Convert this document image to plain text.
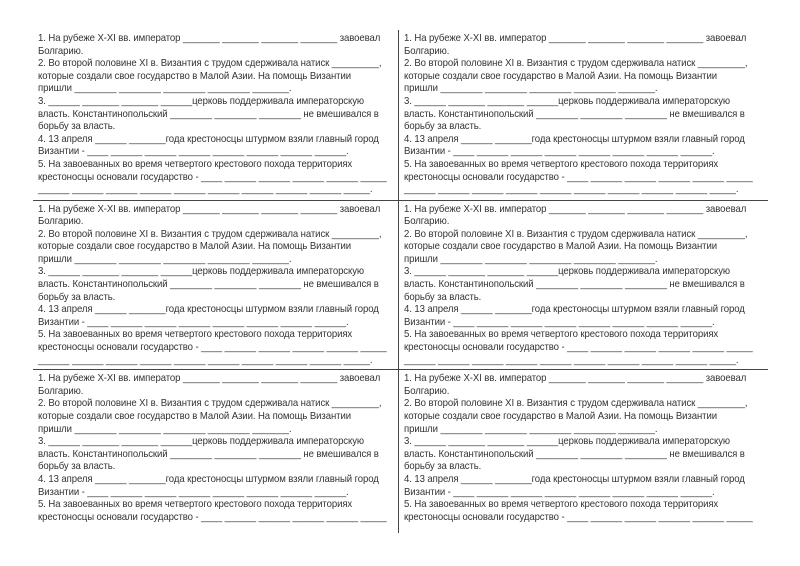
1. На рубеже X-XI вв. император _______ _______ _______ _______ завоевал
Болгарию.
2. Во второй половине XI в. Византия с трудом сдерживала натиск _________,
которые создали свое государство в Малой Азии. На помощь Византии
пришли ________ ________ ________ ________ _______.
3. ______ _______ _______ ______церковь поддерживала императорскую
власть. Константинопольский ________ ________ ________ не вмешивался в
борьбу за власть.
4. 13 апреля ______ _______года крестоносцы штурмом взяли главный город
Византии - ____ ______ ______ ______ ______ ______ ______ ______.
5. На завоеванных во время четвертого крестового похода территориях
крестоносцы основали государство - ____ ______ ______ ______ ______ _____
______ ______ ______ ______ ______ ______ ______ ______ ______ _____.

1. На рубеже X-XI вв. император _______ _______ _______ _______ завоевал
Болгарию.
2. Во второй половине XI в. Византия с трудом сдерживала натиск _________,
которые создали свое государство в Малой Азии. На помощь Византии
пришли ________ ________ ________ ________ _______.
3. ______ _______ _______ ______церковь поддерживала императорскую
власть. Константинопольский ________ ________ ________ не вмешивался в
борьбу за власть.
4. 13 апреля ______ _______года крестоносцы штурмом взяли главный город
Византии - ____ ______ ______ ______ ______ ______ ______ ______.
5. На завоеванных во время четвертого крестового похода территориях
крестоносцы основали государство - ____ ______ ______ ______ ______ _____
______ ______ ______ ______ ______ ______ ______ ______ ______ _____.

1. На рубеже X-XI вв. император _______ _______ _______ _______ завоевал
Болгарию.
2. Во второй половине XI в. Византия с трудом сдерживала натиск _________,
которые создали свое государство в Малой Азии. На помощь Византии
пришли ________ ________ ________ ________ _______.
3. ______ _______ _______ ______церковь поддерживала императорскую
власть. Константинопольский ________ ________ ________ не вмешивался в
борьбу за власть.
4. 13 апреля ______ _______года крестоносцы штурмом взяли главный город
Византии - ____ ______ ______ ______ ______ ______ ______ ______.
5. На завоеванных во время четвертого крестового похода территориях
крестоносцы основали государство - ____ ______ ______ ______ ______ _____
______ ______ ______ ______ ______ ______ ______ ______ ______ _____.

1. На рубеже X-XI вв. император _______ _______ _______ _______ завоевал
Болгарию.
2. Во второй половине XI в. Византия с трудом сдерживала натиск _________,
которые создали свое государство в Малой Азии. На помощь Византии
пришли ________ ________ ________ ________ _______.
3. ______ _______ _______ ______церковь поддерживала императорскую
власть. Константинопольский ________ ________ ________ не вмешивался в
борьбу за власть.
4. 13 апреля ______ _______года крестоносцы штурмом взяли главный город
Византии - ____ ______ ______ ______ ______ ______ ______ ______.
5. На завоеванных во время четвертого крестового похода территориях
крестоносцы основали государство - ____ ______ ______ ______ ______ _____
______ ______ ______ ______ ______ ______ ______ ______ ______ _____.

1. На рубеже X-XI вв. император _______ _______ _______ _______ завоевал
Болгарию.
2. Во второй половине XI в. Византия с трудом сдерживала натиск _________,
которые создали свое государство в Малой Азии. На помощь Византии
пришли ________ ________ ________ ________ _______.
3. ______ _______ _______ ______церковь поддерживала императорскую
власть. Константинопольский ________ ________ ________ не вмешивался в
борьбу за власть.
4. 13 апреля ______ _______года крестоносцы штурмом взяли главный город
Византии - ____ ______ ______ ______ ______ ______ ______ ______.
5. На завоеванных во время четвертого крестового похода территориях
крестоносцы основали государство - ____ ______ ______ ______ ______ _____

1. На рубеже X-XI вв. император _______ _______ _______ _______ завоевал
Болгарию.
2. Во второй половине XI в. Византия с трудом сдерживала натиск _________,
которые создали свое государство в Малой Азии. На помощь Византии
пришли ________ ________ ________ ________ _______.
3. ______ _______ _______ ______церковь поддерживала императорскую
власть. Константинопольский ________ ________ ________ не вмешивался в
борьбу за власть.
4. 13 апреля ______ _______года крестоносцы штурмом взяли главный город
Византии - ____ ______ ______ ______ ______ ______ ______ ______.
5. На завоеванных во время четвертого крестового похода территориях
крестоносцы основали государство - ____ ______ ______ ______ ______ _____
